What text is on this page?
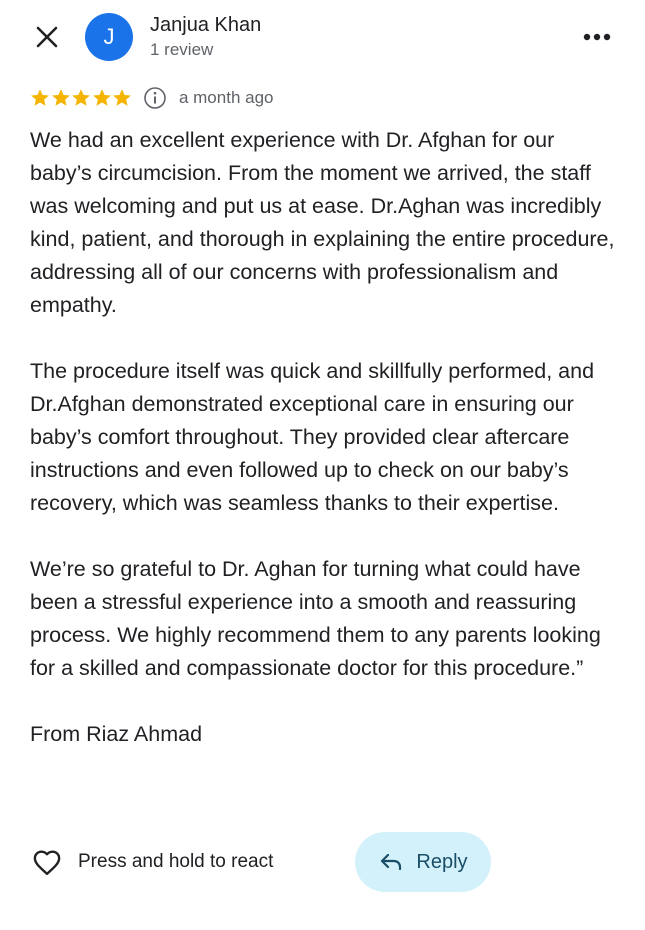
J Janjua Khan
1 review
a month ago

We had an excellent experience with Dr. Afghan for our baby’s circumcision. From the moment we arrived, the staff was welcoming and put us at ease. Dr.Aghan was incredibly kind, patient, and thorough in explaining the entire procedure, addressing all of our concerns with professionalism and empathy.

The procedure itself was quick and skillfully performed, and Dr.Afghan demonstrated exceptional care in ensuring our baby’s comfort throughout. They provided clear aftercare instructions and even followed up to check on our baby’s recovery, which was seamless thanks to their expertise.

We’re so grateful to Dr. Aghan for turning what could have been a stressful experience into a smooth and reassuring process. We highly recommend them to any parents looking for a skilled and compassionate doctor for this procedure.”

From Riaz Ahmad

Press and hold to react	Reply
